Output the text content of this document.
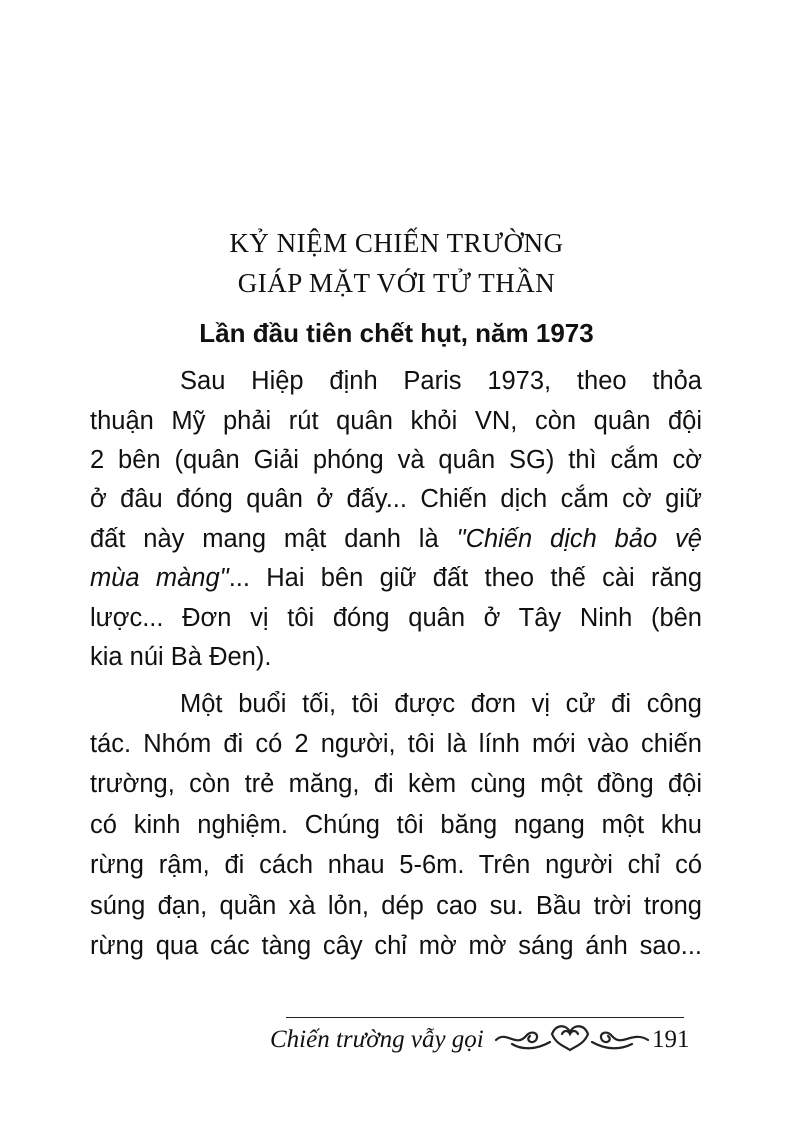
KỶ NIỆM CHIẾN TRƯỜNG
GIÁP MẶT VỚI TỬ THẦN
Lần đầu tiên chết hụt, năm 1973
Sau Hiệp định Paris 1973, theo thỏa
thuận Mỹ phải rút quân khỏi VN, còn quân đội
2 bên (quân Giải phóng và quân SG) thì cắm cờ
ở đâu đóng quân ở đấy... Chiến dịch cắm cờ giữ
đất này mang mật danh là "Chiến dịch bảo vệ
mùa màng"... Hai bên giữ đất theo thế cài răng
lược... Đơn vị tôi đóng quân ở Tây Ninh (bên
kia núi Bà Đen).
Một buổi tối, tôi được đơn vị cử đi công
tác. Nhóm đi có 2 người, tôi là lính mới vào chiến
trường, còn trẻ măng, đi kèm cùng một đồng đội
có kinh nghiệm. Chúng tôi băng ngang một khu
rừng rậm, đi cách nhau 5-6m. Trên người chỉ có
súng đạn, quần xà lỏn, dép cao su. Bầu trời trong
rừng qua các tàng cây chỉ mờ mờ sáng ánh sao...
Chiến trường vẫy gọi	191
